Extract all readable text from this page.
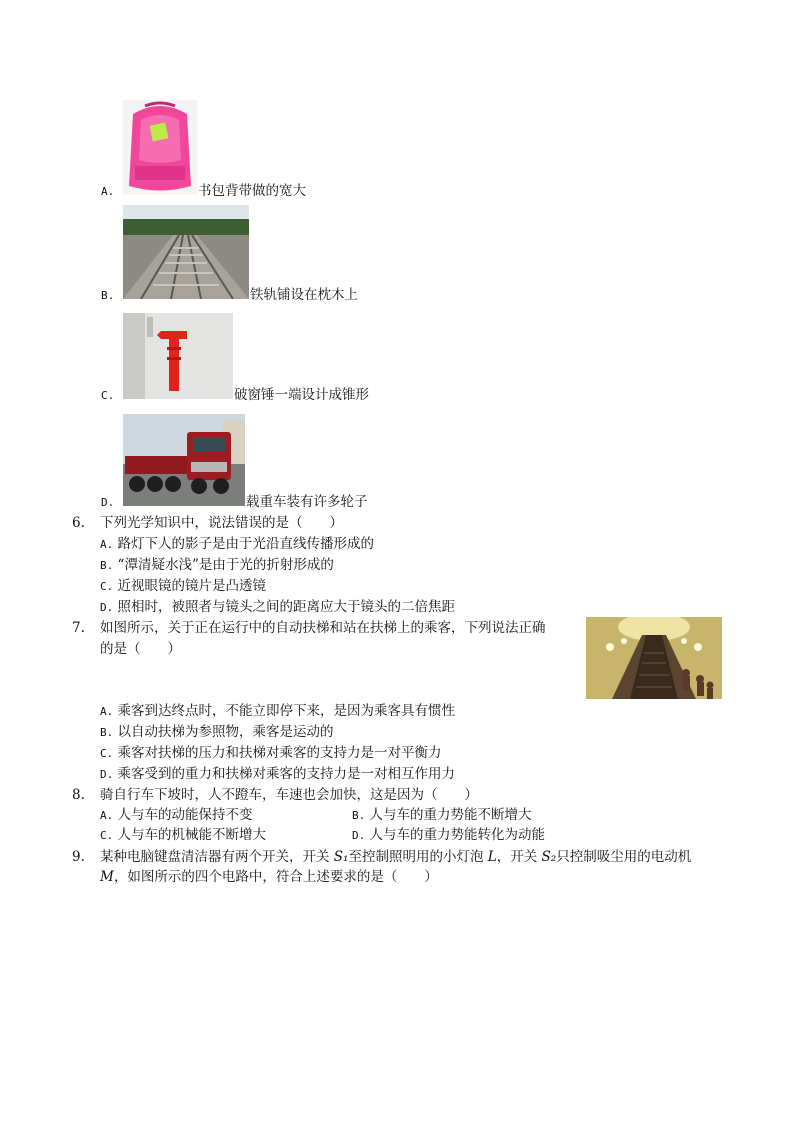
A.	书包背带做的宽大
B.	铁轨铺设在枕木上
C.	破窗锤一端设计成锥形
D.	载重车装有许多轮子
6. 下列光学知识中，说法错误的是（　　）
A. 路灯下人的影子是由于光沿直线传播形成的
B. “潭清疑水浅”是由于光的折射形成的
C. 近视眼镜的镜片是凸透镜
D. 照相时，被照者与镜头之间的距离应大于镜头的二倍焦距
7. 如图所示，关于正在运行中的自动扶梯和站在扶梯上的乘客，下列说法正确
的是（　　）
A. 乘客到达终点时，不能立即停下来，是因为乘客具有惯性
B. 以自动扶梯为参照物，乘客是运动的
C. 乘客对扶梯的压力和扶梯对乘客的支持力是一对平衡力
D. 乘客受到的重力和扶梯对乘客的支持力是一对相互作用力
8. 骑自行车下坡时，人不蹬车，车速也会加快，这是因为（　　）
A. 人与车的动能保持不变	B. 人与车的重力势能不断增大
C. 人与车的机械能不断增大	D. 人与车的重力势能转化为动能
9. 某种电脑键盘清洁器有两个开关，开关 S₁至控制照明用的小灯泡 L，开关 S₂只控制吸尘用的电动机
M，如图所示的四个电路中，符合上述要求的是（　　）
